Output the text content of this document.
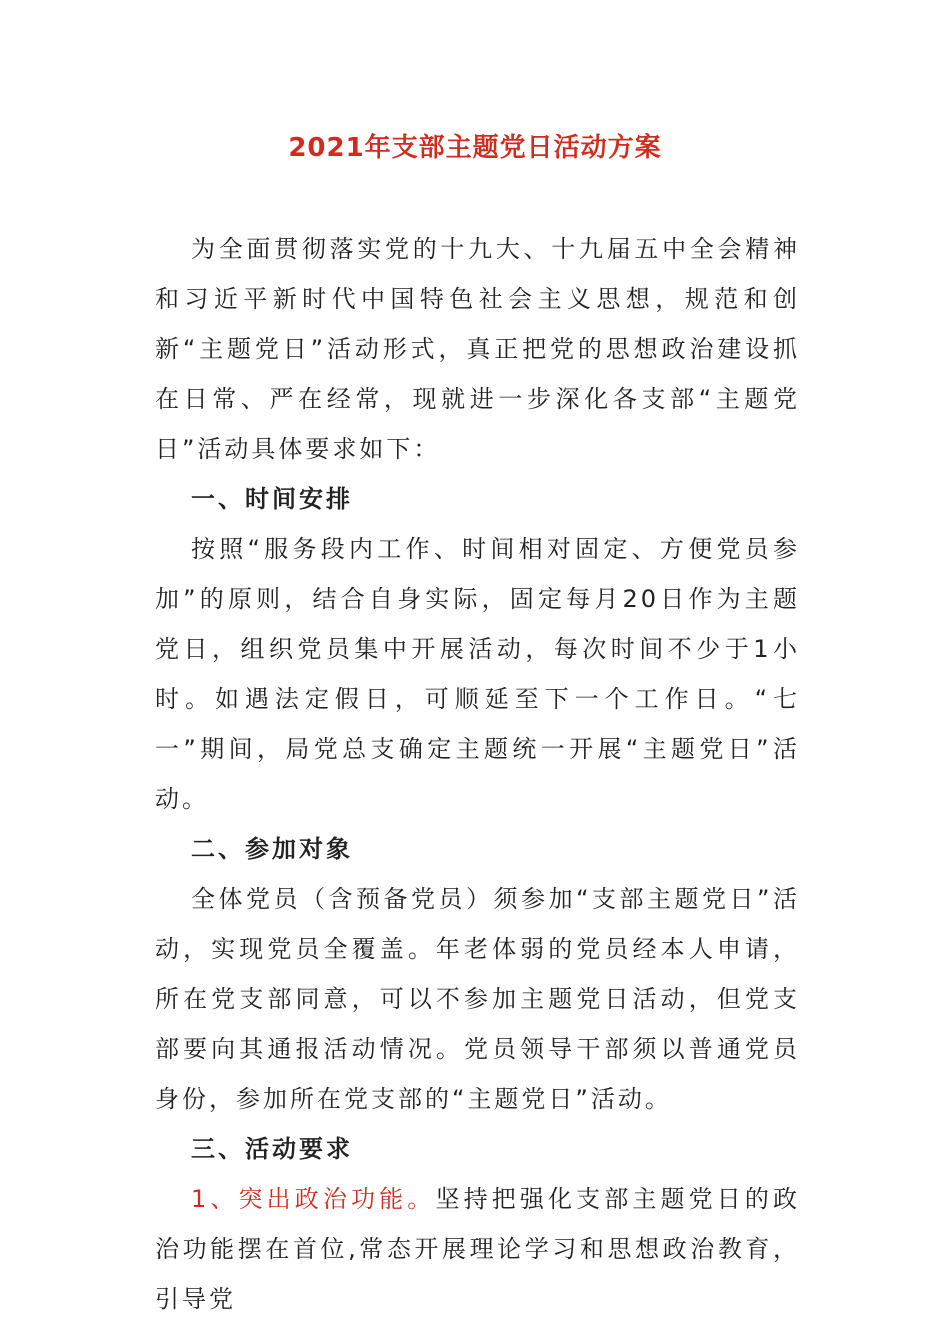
2021年支部主题党日活动方案

为全面贯彻落实党的十九大、十九届五中全会精神和习近平新时代中国特色社会主义思想，规范和创新“主题党日”活动形式，真正把党的思想政治建设抓在日常、严在经常，现就进一步深化各支部“主题党日”活动具体要求如下：

一、时间安排

按照“服务段内工作、时间相对固定、方便党员参加”的原则，结合自身实际，固定每月20日作为主题党日，组织党员集中开展活动，每次时间不少于1小时。如遇法定假日，可顺延至下一个工作日。“七一”期间，局党总支确定主题统一开展“主题党日”活动。

二、参加对象

全体党员（含预备党员）须参加“支部主题党日”活动，实现党员全覆盖。年老体弱的党员经本人申请，所在党支部同意，可以不参加主题党日活动，但党支部要向其通报活动情况。党员领导干部须以普通党员身份，参加所在党支部的“主题党日”活动。

三、活动要求

1、突出政治功能。坚持把强化支部主题党日的政治功能摆在首位,常态开展理论学习和思想政治教育，引导党
